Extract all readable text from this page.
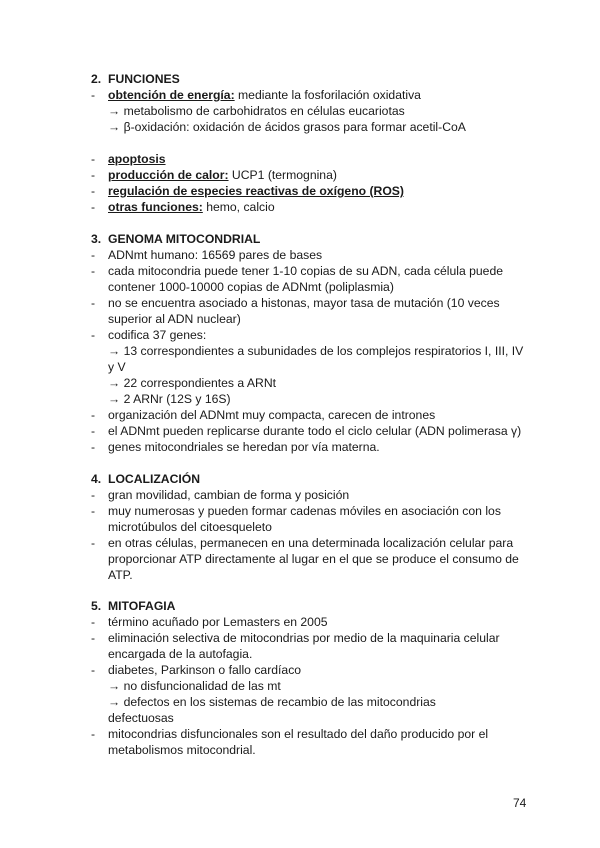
2. FUNCIONES
- obtención de energía: mediante la fosforilación oxidativa
→ metabolismo de carbohidratos en células eucariotas
→ β-oxidación: oxidación de ácidos grasos para formar acetil-CoA
- apoptosis
- producción de calor: UCP1 (termognina)
- regulación de especies reactivas de oxígeno (ROS)
- otras funciones: hemo, calcio
3. GENOMA MITOCONDRIAL
- ADNmt humano: 16569 pares de bases
- cada mitocondria puede tener 1-10 copias de su ADN, cada célula puede
contener 1000-10000 copias de ADNmt (poliplasmia)
- no se encuentra asociado a histonas, mayor tasa de mutación (10 veces
superior al ADN nuclear)
- codifica 37 genes:
→ 13 correspondientes a subunidades de los complejos respiratorios I, III, IV
y V
→ 22 correspondientes a ARNt
→ 2 ARNr (12S y 16S)
- organización del ADNmt muy compacta, carecen de intrones
- el ADNmt pueden replicarse durante todo el ciclo celular (ADN polimerasa γ)
- genes mitocondriales se heredan por vía materna.
4. LOCALIZACIÓN
- gran movilidad, cambian de forma y posición
- muy numerosas y pueden formar cadenas móviles en asociación con los
microtúbulos del citoesqueleto
- en otras células, permanecen en una determinada localización celular para
proporcionar ATP directamente al lugar en el que se produce el consumo de
ATP.
5. MITOFAGIA
- término acuñado por Lemasters en 2005
- eliminación selectiva de mitocondrias por medio de la maquinaria celular
encargada de la autofagia.
- diabetes, Parkinson o fallo cardíaco
→ no disfuncionalidad de las mt
→ defectos en los sistemas de recambio de las mitocondrias
defectuosas
- mitocondrias disfuncionales son el resultado del daño producido por el
metabolismos mitocondrial.
74
